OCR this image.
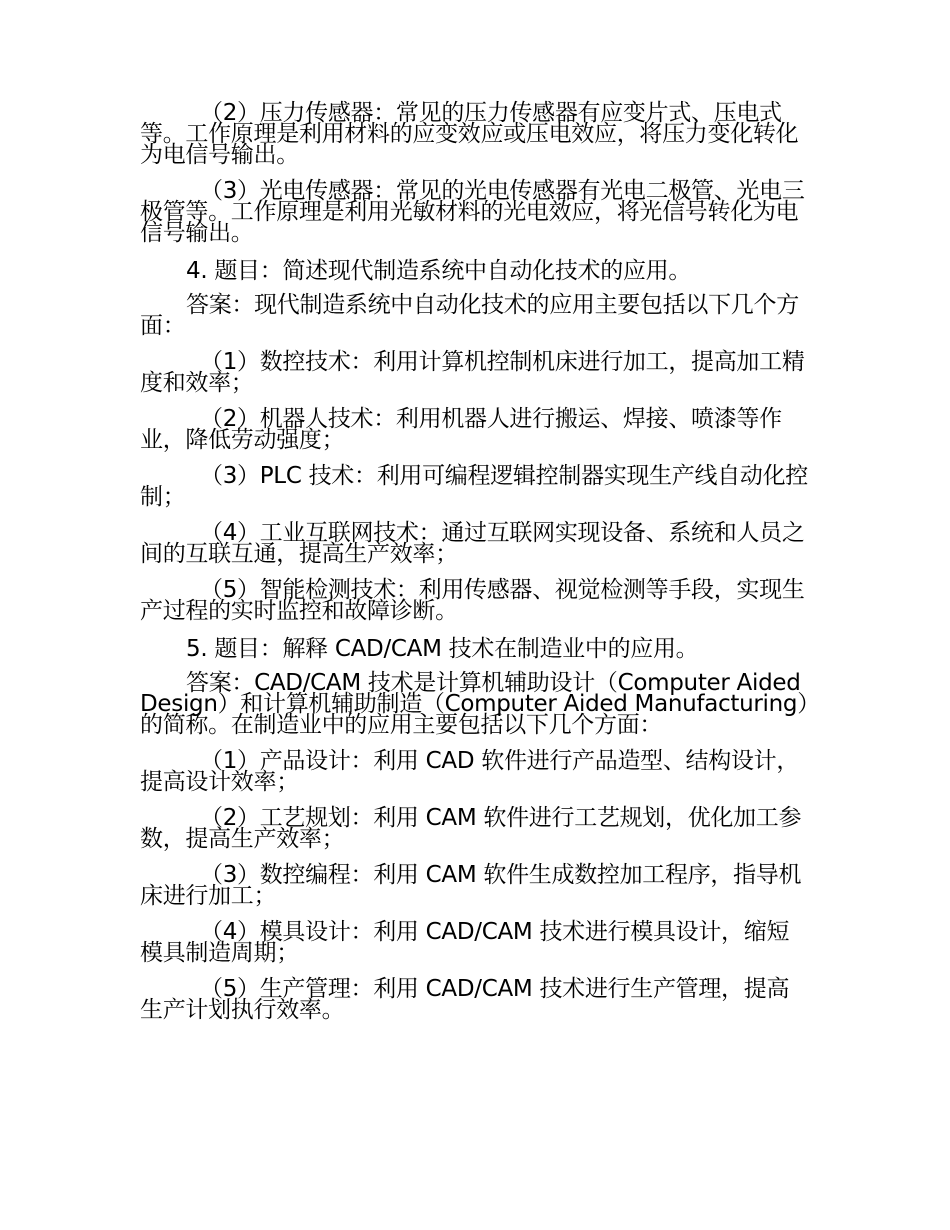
（2）压力传感器：常见的压力传感器有应变片式、压电式等。工作原理是利用材料的应变效应或压电效应，将压力变化转化为电信号输出。

（3）光电传感器：常见的光电传感器有光电二极管、光电三极管等。工作原理是利用光敏材料的光电效应，将光信号转化为电信号输出。

4. 题目：简述现代制造系统中自动化技术的应用。

答案：现代制造系统中自动化技术的应用主要包括以下几个方面：

（1）数控技术：利用计算机控制机床进行加工，提高加工精度和效率；

（2）机器人技术：利用机器人进行搬运、焊接、喷漆等作业，降低劳动强度；

（3）PLC 技术：利用可编程逻辑控制器实现生产线自动化控制；

（4）工业互联网技术：通过互联网实现设备、系统和人员之间的互联互通，提高生产效率；

（5）智能检测技术：利用传感器、视觉检测等手段，实现生产过程的实时监控和故障诊断。

5. 题目：解释 CAD/CAM 技术在制造业中的应用。

答案：CAD/CAM 技术是计算机辅助设计（Computer Aided Design）和计算机辅助制造（Computer Aided Manufacturing）的简称。在制造业中的应用主要包括以下几个方面：

（1）产品设计：利用 CAD 软件进行产品造型、结构设计，提高设计效率；

（2）工艺规划：利用 CAM 软件进行工艺规划，优化加工参数，提高生产效率；

（3）数控编程：利用 CAM 软件生成数控加工程序，指导机床进行加工；

（4）模具设计：利用 CAD/CAM 技术进行模具设计，缩短模具制造周期；

（5）生产管理：利用 CAD/CAM 技术进行生产管理，提高生产计划执行效率。
